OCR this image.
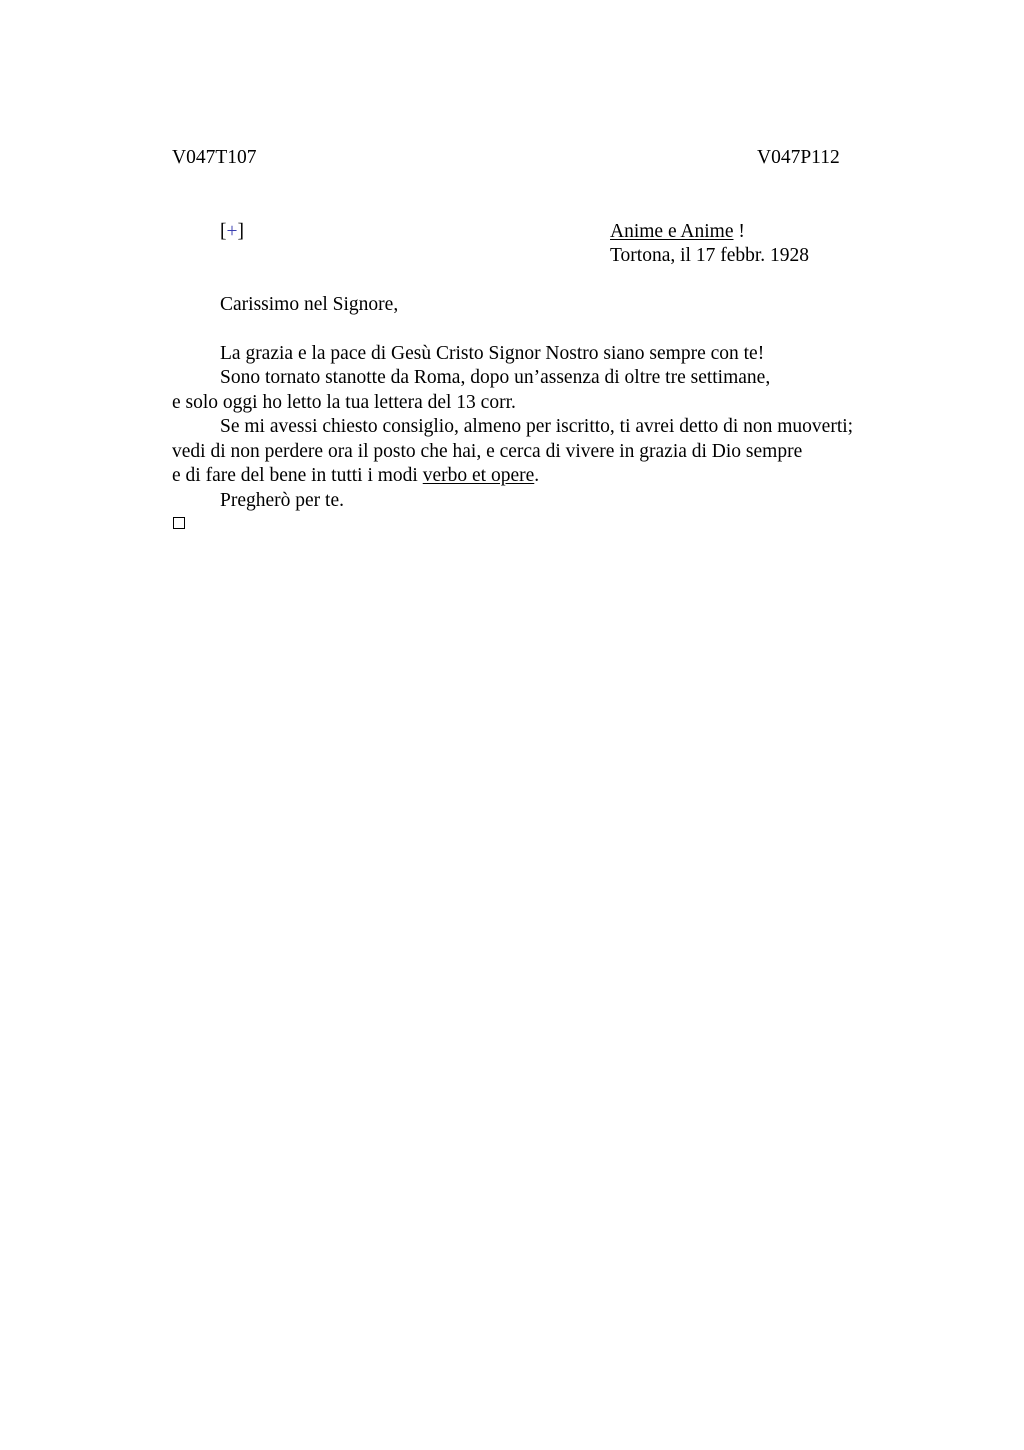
V047T107	V047P112
[+]	Anime e Anime !
Tortona, il 17 febbr. 1928
Carissimo nel Signore,
La grazia e la pace di Gesù Cristo Signor Nostro siano sempre con te!
Sono tornato stanotte da Roma, dopo un’assenza di oltre tre settimane,
e solo oggi ho letto la tua lettera del 13 corr.
Se mi avessi chiesto consiglio, almeno per iscritto, ti avrei detto di non muoverti;
vedi di non perdere ora il posto che hai, e cerca di vivere in grazia di Dio sempre
e di fare del bene in tutti i modi verbo et opere.
Pregherò per te.
